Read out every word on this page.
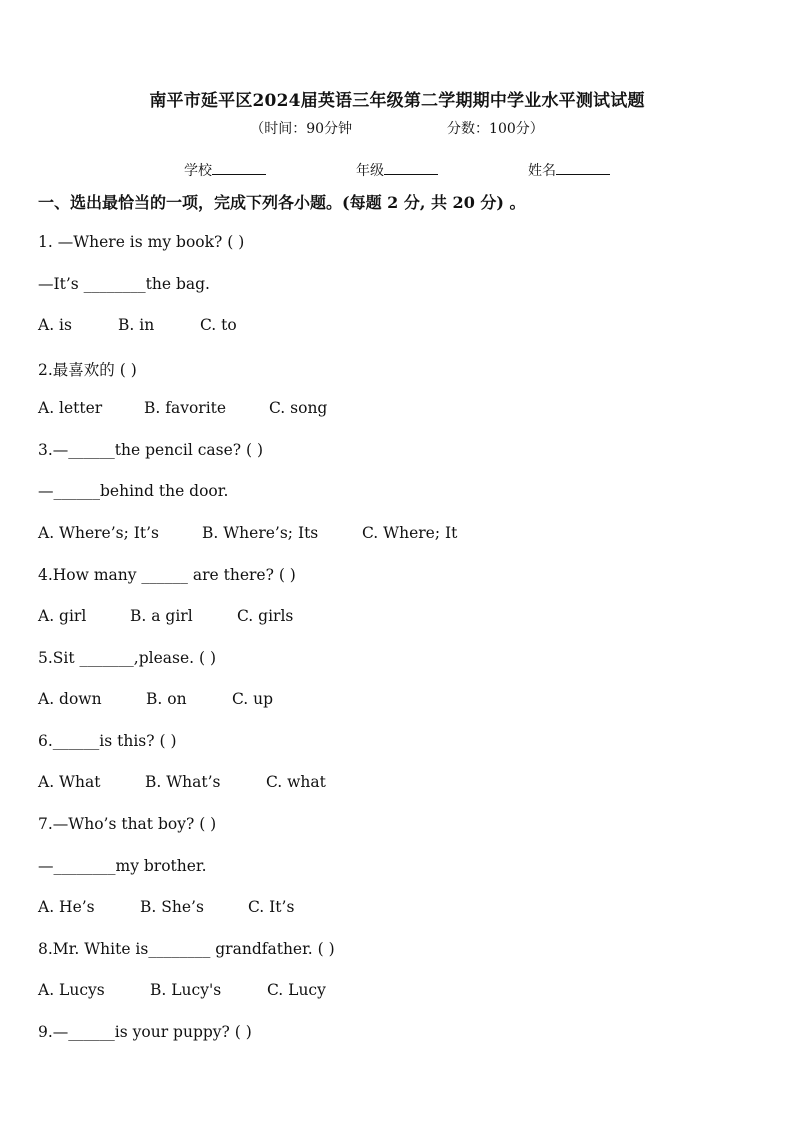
南平市延平区2024届英语三年级第二学期期中学业水平测试试题
（时间：90分钟	分数：100分）
学校	年级	姓名
一、选出最恰当的一项，完成下列各小题。(每题 2 分, 共 20 分) 。
1. —Where is my book? ( )
—It’s ________the bag.
A. is	B. in	C. to
2.最喜欢的 ( )
A. letter	B. favorite	C. song
3.—______the pencil case? ( )
—______behind the door.
A. Where’s; It’s	B. Where’s; Its	C. Where; It
4.How many ______ are there? ( )
A. girl	B. a girl	C. girls
5.Sit _______,please. ( )
A. down	B. on	C. up
6.______is this? ( )
A. What	B. What’s	C. what
7.—Who’s that boy? ( )
—________my brother.
A. He’s	B. She’s	C. It’s
8.Mr. White is________ grandfather. ( )
A. Lucys	B. Lucy's	C. Lucy
9.—______is your puppy? ( )
